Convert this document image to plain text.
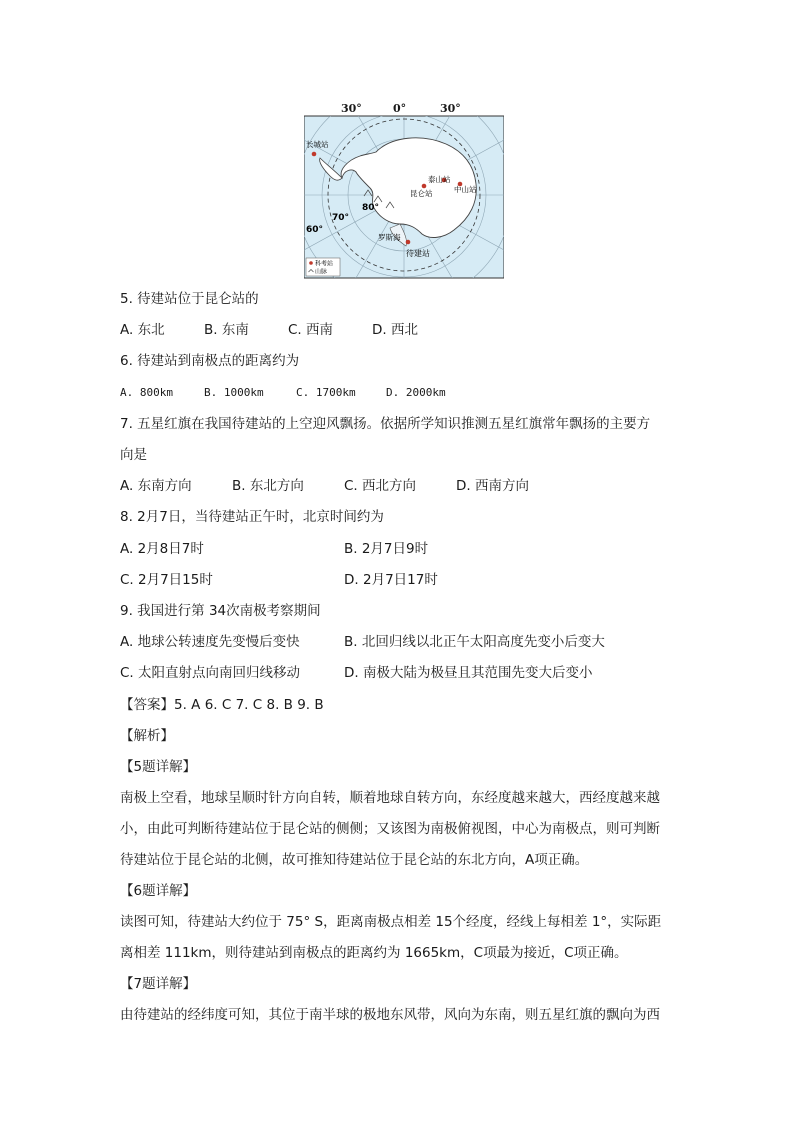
30°	0°	30°
长城站
昆仑站
泰山站
中山站
罗斯海
待建站
60°
70°
80°
科考站
山脉
5. 待建站位于昆仑站的
A. 东北	B. 东南	C. 西南	D. 西北
6. 待建站到南极点的距离约为
A. 800km	B. 1000km	C. 1700km	D. 2000km
7. 五星红旗在我国待建站的上空迎风飘扬。依据所学知识推测五星红旗常年飘扬的主要方
向是
A. 东南方向	B. 东北方向	C. 西北方向	D. 西南方向
8. 2月7日，当待建站正午时，北京时间约为
A. 2月8日7时	B. 2月7日9时
C. 2月7日15时	D. 2月7日17时
9. 我国进行第 34次南极考察期间
A. 地球公转速度先变慢后变快	B. 北回归线以北正午太阳高度先变小后变大
C. 太阳直射点向南回归线移动	D. 南极大陆为极昼且其范围先变大后变小
【答案】5. A 6. C 7. C 8. B 9. B
【解析】
【5题详解】
南极上空看，地球呈顺时针方向自转，顺着地球自转方向，东经度越来越大，西经度越来越
小，由此可判断待建站位于昆仑站的侧侧；又该图为南极俯视图，中心为南极点，则可判断
待建站位于昆仑站的北侧，故可推知待建站位于昆仑站的东北方向，A项正确。
【6题详解】
读图可知，待建站大约位于 75° S，距离南极点相差 15个经度，经线上每相差 1°，实际距
离相差 111km，则待建站到南极点的距离约为 1665km，C项最为接近，C项正确。
【7题详解】
由待建站的经纬度可知，其位于南半球的极地东风带，风向为东南，则五星红旗的飘向为西
